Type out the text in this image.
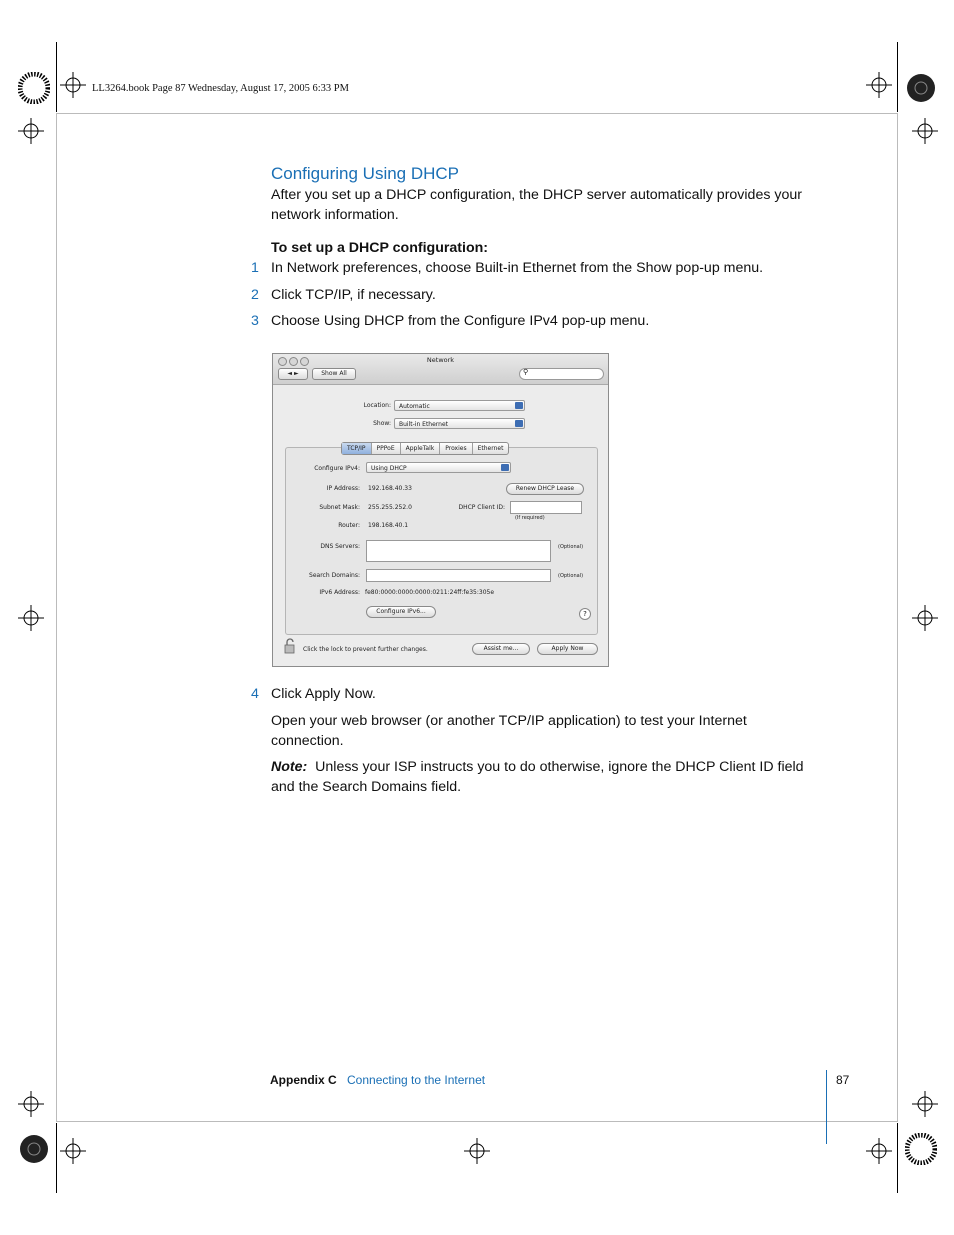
LL3264.book Page 87 Wednesday, August 17, 2005 6:33 PM
Configuring Using DHCP
After you set up a DHCP configuration, the DHCP server automatically provides your network information.
To set up a DHCP configuration:
1 In Network preferences, choose Built-in Ethernet from the Show pop-up menu.
2 Click TCP/IP, if necessary.
3 Choose Using DHCP from the Configure IPv4 pop-up menu.
Network
◄ ►	Show All	⚲
Location:	Automatic
Show:	Built-in Ethernet
TCP/IP	PPPoE	AppleTalk	Proxies	Ethernet
Configure IPv4:	Using DHCP
IP Address: 192.168.40.33	Renew DHCP Lease
Subnet Mask: 255.255.252.0	DHCP Client ID:
(If required)
Router: 198.168.40.1
DNS Servers:	(Optional)
Search Domains:	(Optional)
IPv6 Address: fe80:0000:0000:0000:0211:24ff:fe35:305e
Configure IPv6...	?
Click the lock to prevent further changes.	Assist me...	Apply Now
4 Click Apply Now.
Open your web browser (or another TCP/IP application) to test your Internet connection.
Note: Unless your ISP instructs you to do otherwise, ignore the DHCP Client ID field and the Search Domains field.
Appendix C Connecting to the Internet	87
